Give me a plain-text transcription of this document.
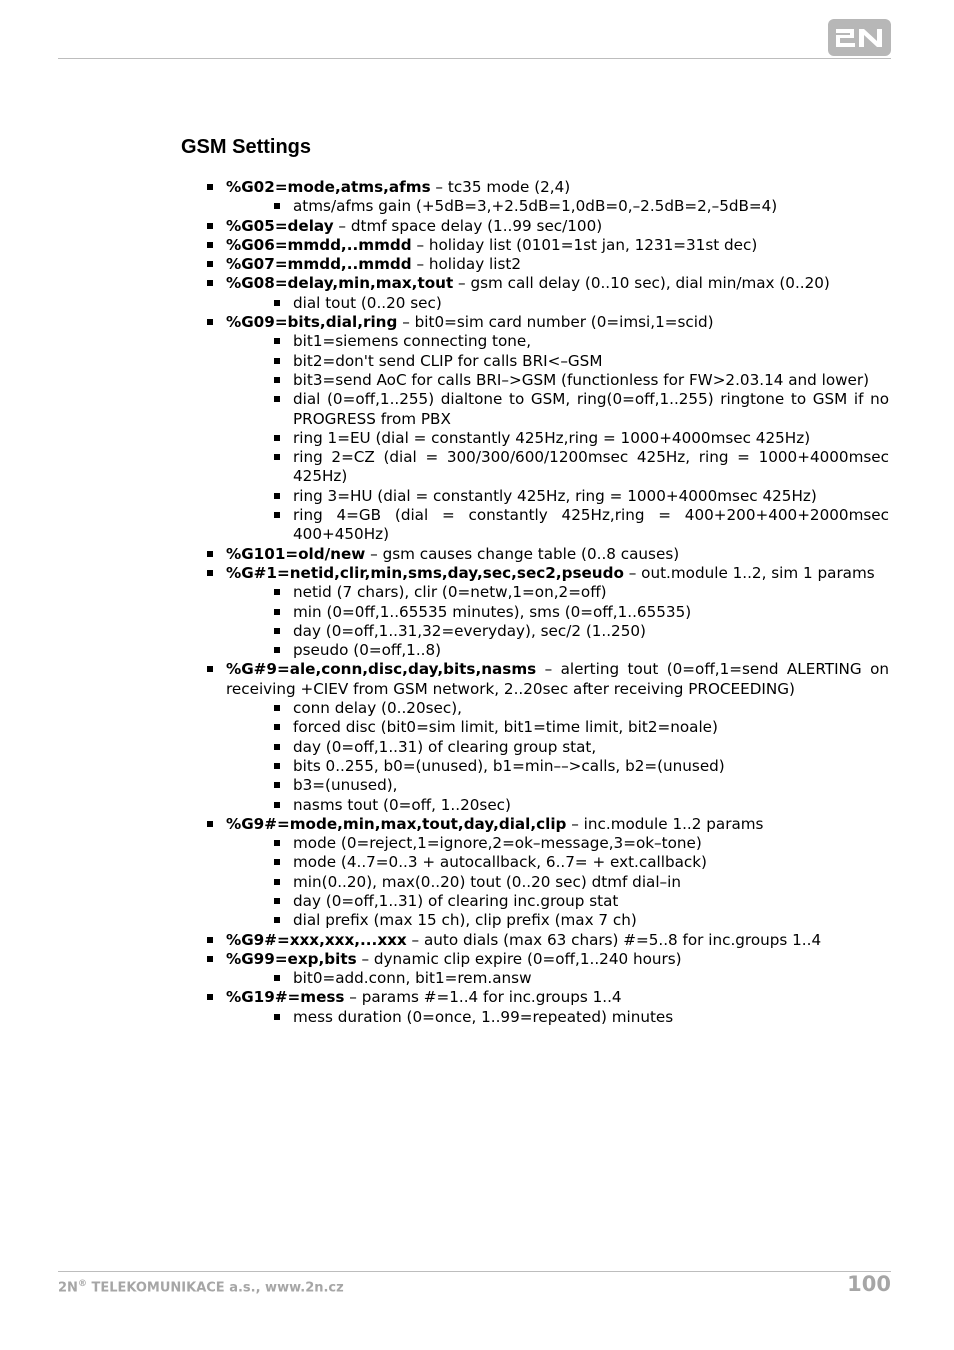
GSM Settings
%G02=mode,atms,afms – tc35 mode (2,4)
atms/afms gain (+5dB=3,+2.5dB=1,0dB=0,–2.5dB=2,–5dB=4)
%G05=delay – dtmf space delay (1..99 sec/100)
%G06=mmdd,..mmdd – holiday list (0101=1st jan, 1231=31st dec)
%G07=mmdd,..mmdd – holiday list2
%G08=delay,min,max,tout – gsm call delay (0..10 sec), dial min/max (0..20)
dial tout (0..20 sec)
%G09=bits,dial,ring – bit0=sim card number (0=imsi,1=scid)
bit1=siemens connecting tone,
bit2=don't send CLIP for calls BRI<–GSM
bit3=send AoC for calls BRI–>GSM (functionless for FW>2.03.14 and lower)
dial (0=off,1..255) dialtone to GSM, ring(0=off,1..255) ringtone to GSM if no PROGRESS from PBX
ring 1=EU (dial = constantly 425Hz,ring = 1000+4000msec 425Hz)
ring 2=CZ (dial = 300/300/600/1200msec 425Hz, ring = 1000+4000msec 425Hz)
ring 3=HU (dial = constantly 425Hz, ring = 1000+4000msec 425Hz)
ring 4=GB (dial = constantly 425Hz,ring = 400+200+400+2000msec 400+450Hz)
%G101=old/new – gsm causes change table (0..8 causes)
%G#1=netid,clir,min,sms,day,sec,sec2,pseudo – out.module 1..2, sim 1 params
netid (7 chars), clir (0=netw,1=on,2=off)
min (0=0ff,1..65535 minutes), sms (0=off,1..65535)
day (0=off,1..31,32=everyday), sec/2 (1..250)
pseudo (0=off,1..8)
%G#9=ale,conn,disc,day,bits,nasms – alerting tout (0=off,1=send ALERTING on receiving +CIEV from GSM network, 2..20sec after receiving PROCEEDING)
conn delay (0..20sec),
forced disc (bit0=sim limit, bit1=time limit, bit2=noale)
day (0=off,1..31) of clearing group stat,
bits 0..255, b0=(unused), b1=min––>calls, b2=(unused)
b3=(unused),
nasms tout (0=off, 1..20sec)
%G9#=mode,min,max,tout,day,dial,clip – inc.module 1..2 params
mode (0=reject,1=ignore,2=ok–message,3=ok–tone)
mode (4..7=0..3 + autocallback, 6..7= + ext.callback)
min(0..20), max(0..20) tout (0..20 sec) dtmf dial–in
day (0=off,1..31) of clearing inc.group stat
dial prefix (max 15 ch), clip prefix (max 7 ch)
%G9#=xxx,xxx,...xxx – auto dials (max 63 chars) #=5..8 for inc.groups 1..4
%G99=exp,bits – dynamic clip expire (0=off,1..240 hours)
bit0=add.conn, bit1=rem.answ
%G19#=mess – params #=1..4 for inc.groups 1..4
mess duration (0=once, 1..99=repeated) minutes
2N® TELEKOMUNIKACE a.s., www.2n.cz	100
